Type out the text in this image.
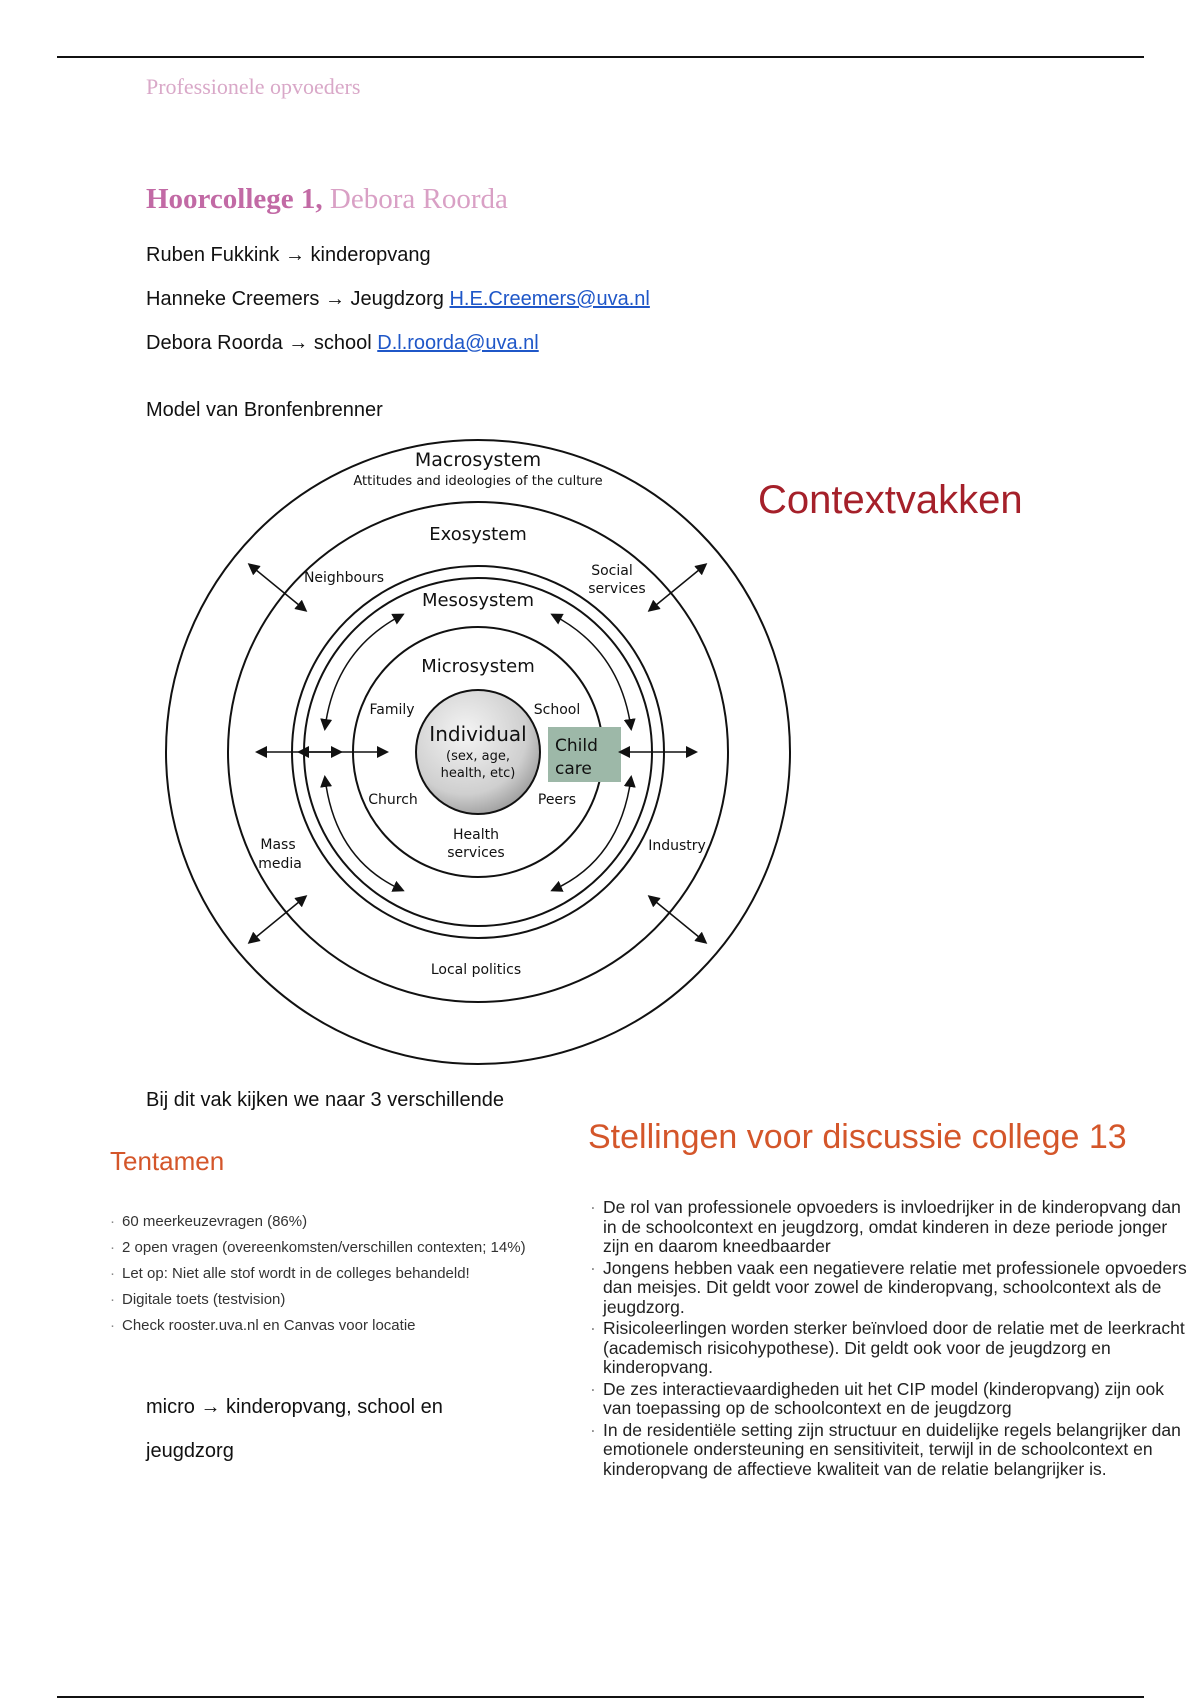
Professionele opvoeders
Hoorcollege 1, Debora Roorda
Ruben Fukkink → kinderopvang
Hanneke Creemers → Jeugdzorg H.E.Creemers@uva.nl
Debora Roorda → school D.l.roorda@uva.nl
Model van Bronfenbrenner
Macrosystem
Attitudes and ideologies of the culture
Exosystem
Mesosystem
Microsystem
Individual
(sex, age,
health, etc)
Family	School
Church	Peers
Health
services
Child
care
Neighbours	Social
services
Mass
media
Industry
Local politics
Contextvakken
Bij dit vak kijken we naar 3 verschillende
Tentamen
· 60 meerkeuzevragen (86%)
· 2 open vragen (overeenkomsten/verschillen contexten; 14%)
· Let op: Niet alle stof wordt in de colleges behandeld!
· Digitale toets (testvision)
· Check rooster.uva.nl en Canvas voor locatie
micro → kinderopvang, school en
jeugdzorg
Stellingen voor discussie college 13
· De rol van professionele opvoeders is invloedrijker in de kinderopvang dan in de schoolcontext en jeugdzorg, omdat kinderen in deze periode jonger zijn en daarom kneedbaarder
· Jongens hebben vaak een negatievere relatie met professionele opvoeders dan meisjes. Dit geldt voor zowel de kinderopvang, schoolcontext als de jeugdzorg.
· Risicoleerlingen worden sterker beïnvloed door de relatie met de leerkracht (academisch risicohypothese). Dit geldt ook voor de jeugdzorg en kinderopvang.
· De zes interactievaardigheden uit het CIP model (kinderopvang) zijn ook van toepassing op de schoolcontext en de jeugdzorg
· In de residentiële setting zijn structuur en duidelijke regels belangrijker dan emotionele ondersteuning en sensitiviteit, terwijl in de schoolcontext en kinderopvang de affectieve kwaliteit van de relatie belangrijker is.
